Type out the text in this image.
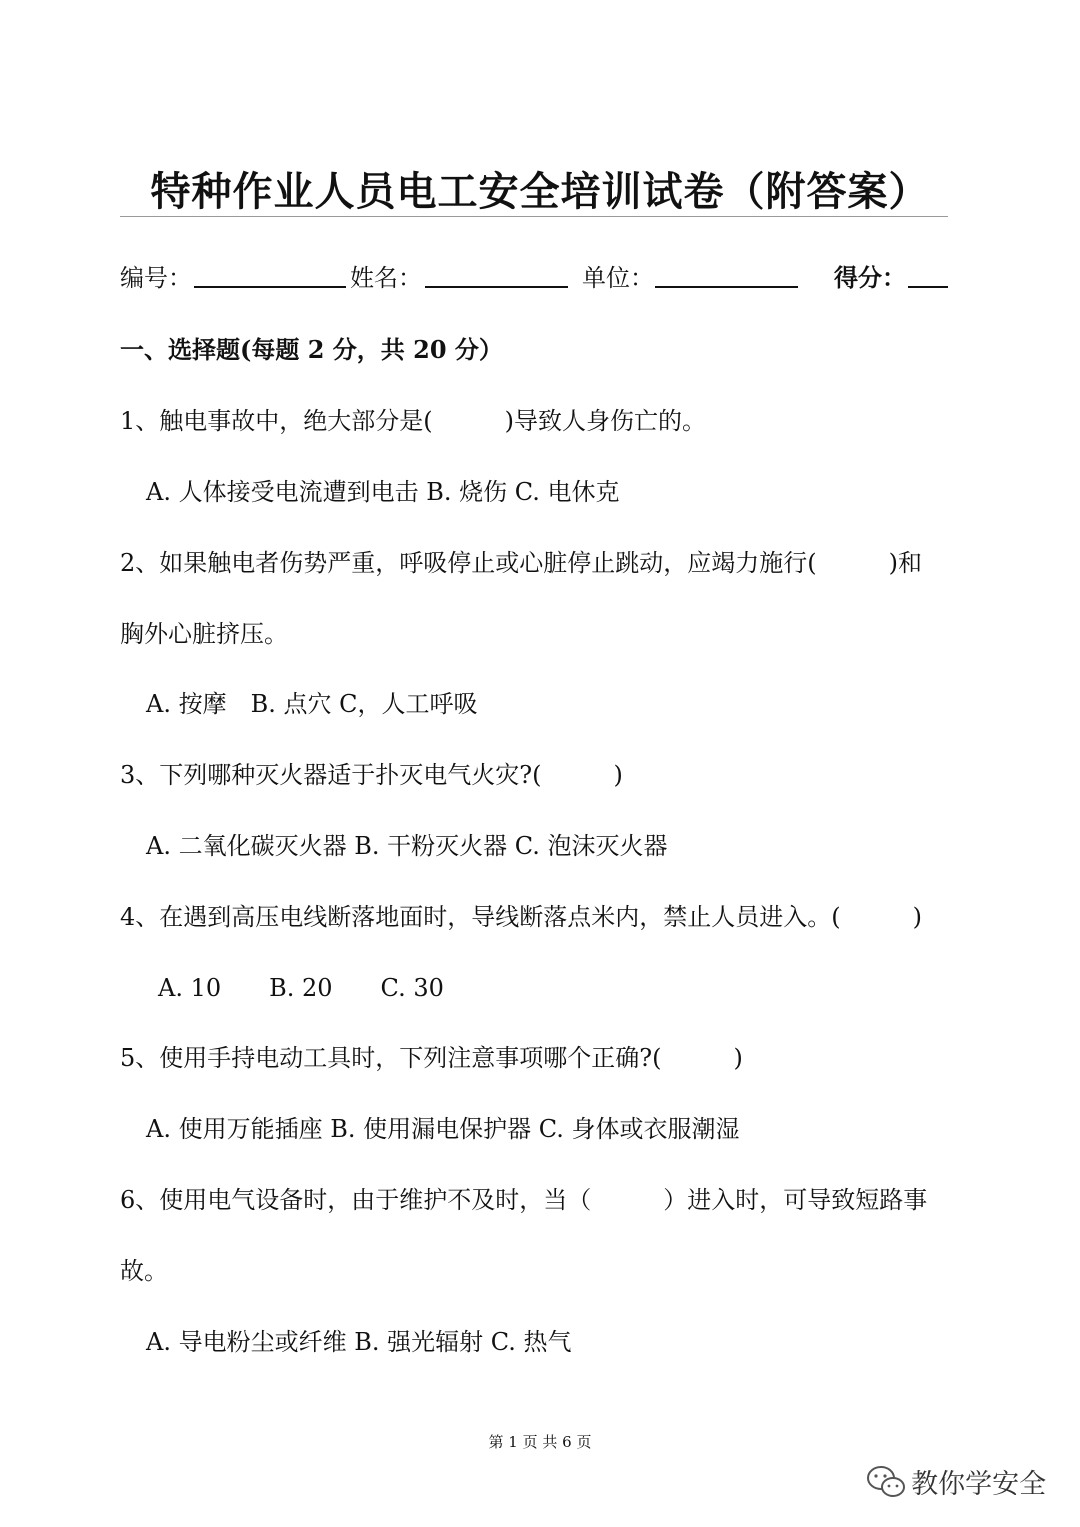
特种作业人员电工安全培训试卷（附答案）
编号：	姓名：	单位：	得分：
一、选择题(每题 2 分，共 20 分）
1、触电事故中，绝大部分是(　　　)导致人身伤亡的。
A. 人体接受电流遭到电击 B. 烧伤 C. 电休克
2、如果触电者伤势严重，呼吸停止或心脏停止跳动，应竭力施行(　　　)和
胸外心脏挤压。
A. 按摩　B. 点穴 C，人工呼吸
3、下列哪种灭火器适于扑灭电气火灾?(　　　)
A. 二氧化碳灭火器 B. 干粉灭火器 C. 泡沫灭火器
4、在遇到高压电线断落地面时，导线断落点米内，禁止人员进入。(　　　)
A. 10　　B. 20　　C. 30
5、使用手持电动工具时，下列注意事项哪个正确?(　　　)
A. 使用万能插座 B. 使用漏电保护器 C. 身体或衣服潮湿
6、使用电气设备时，由于维护不及时，当（　　　）进入时，可导致短路事
故。
A. 导电粉尘或纤维 B. 强光辐射 C. 热气
第 1 页 共 6 页
教你学安全
